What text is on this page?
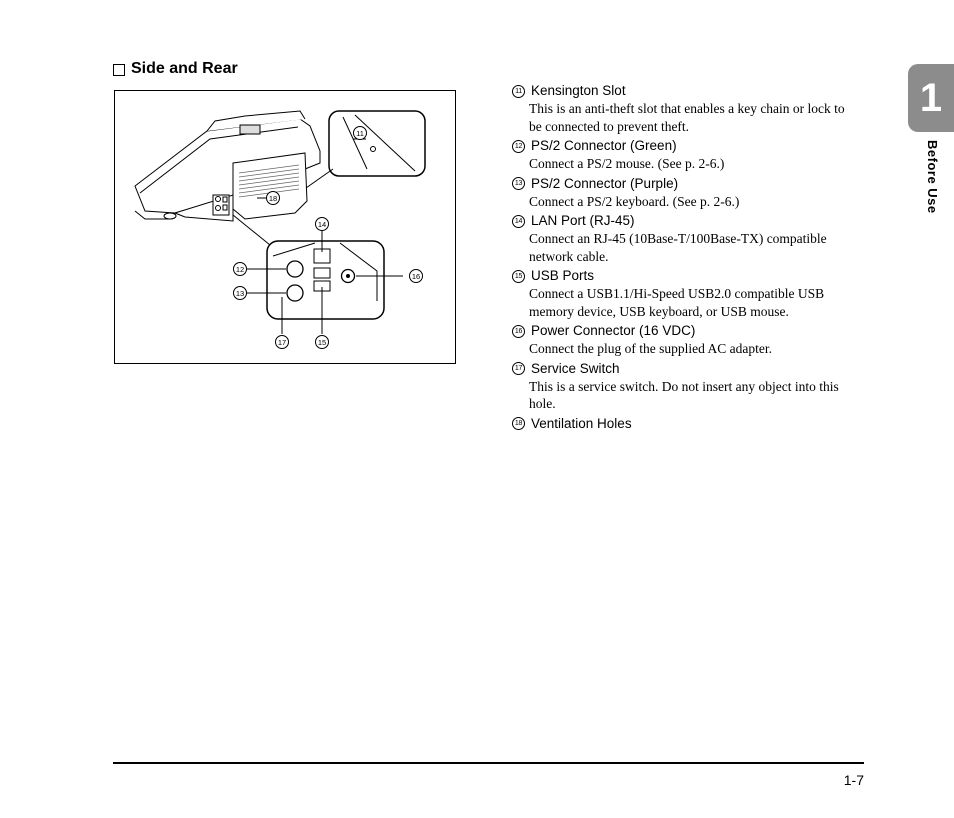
Side and Rear
11
12
13
14
15
16
17
18
11 Kensington Slot
This is an anti-theft slot that enables a key chain or lock to
be connected to prevent theft.
12 PS/2 Connector (Green)
Connect a PS/2 mouse. (See p. 2-6.)
13 PS/2 Connector (Purple)
Connect a PS/2 keyboard. (See p. 2-6.)
14 LAN Port (RJ-45)
Connect an RJ-45 (10Base-T/100Base-TX) compatible
network cable.
15 USB Ports
Connect a USB1.1/Hi-Speed USB2.0 compatible USB
memory device, USB keyboard, or USB mouse.
16 Power Connector (16 VDC)
Connect the plug of the supplied AC adapter.
17 Service Switch
This is a service switch. Do not insert any object into this
hole.
18 Ventilation Holes
1
Before Use
1-7
